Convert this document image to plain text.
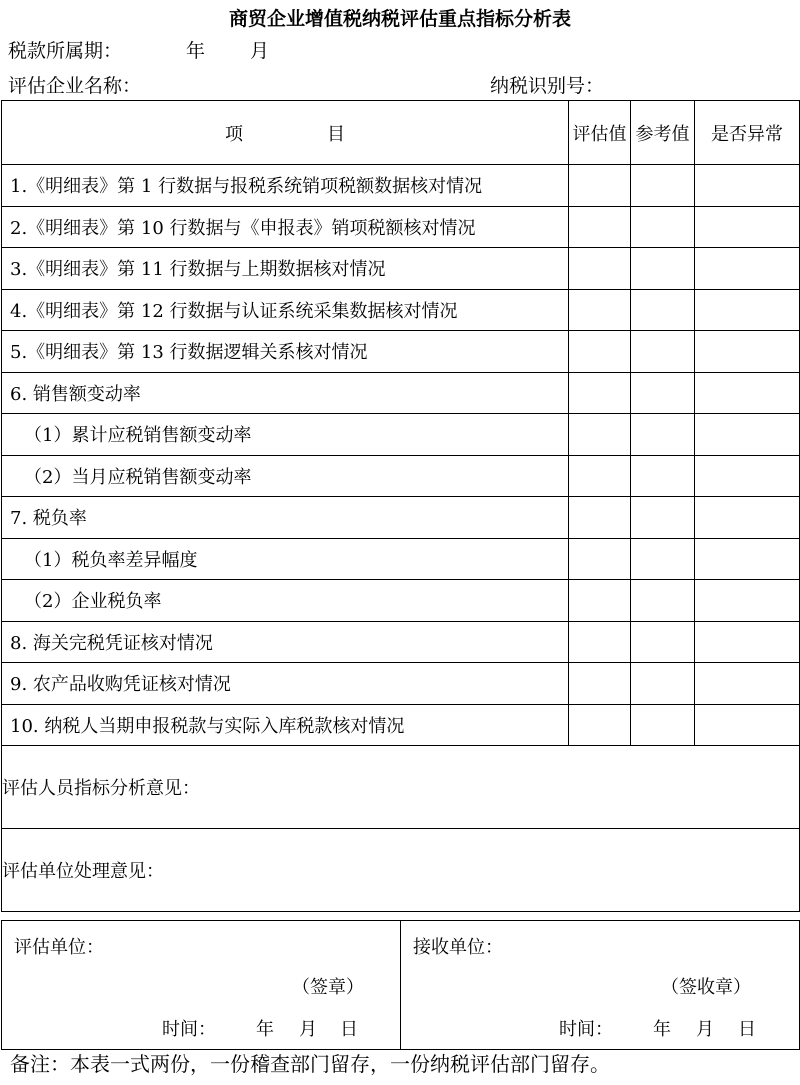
商贸企业增值税纳税评估重点指标分析表
税款所属期：	年 月
评估企业名称：	纳税识别号：
项 目	评估值	参考值	是否异常
1.《明细表》第 1 行数据与报税系统销项税额数据核对情况			
2.《明细表》第 10 行数据与《申报表》销项税额核对情况			
3.《明细表》第 11 行数据与上期数据核对情况			
4.《明细表》第 12 行数据与认证系统采集数据核对情况			
5.《明细表》第 13 行数据逻辑关系核对情况			
6. 销售额变动率			
（1）累计应税销售额变动率			
（2）当月应税销售额变动率			
7. 税负率			
（1）税负率差异幅度			
（2）企业税负率			
8. 海关完税凭证核对情况			
9. 农产品收购凭证核对情况			
10. 纳税人当期申报税款与实际入库税款核对情况			
评估人员指标分析意见：			
评估单位处理意见：			
评估单位：
（签章）
时间： 年 月 日

接收单位：
（签收章）
时间： 年 月 日
备注：本表一式两份，一份稽查部门留存，一份纳税评估部门留存。
